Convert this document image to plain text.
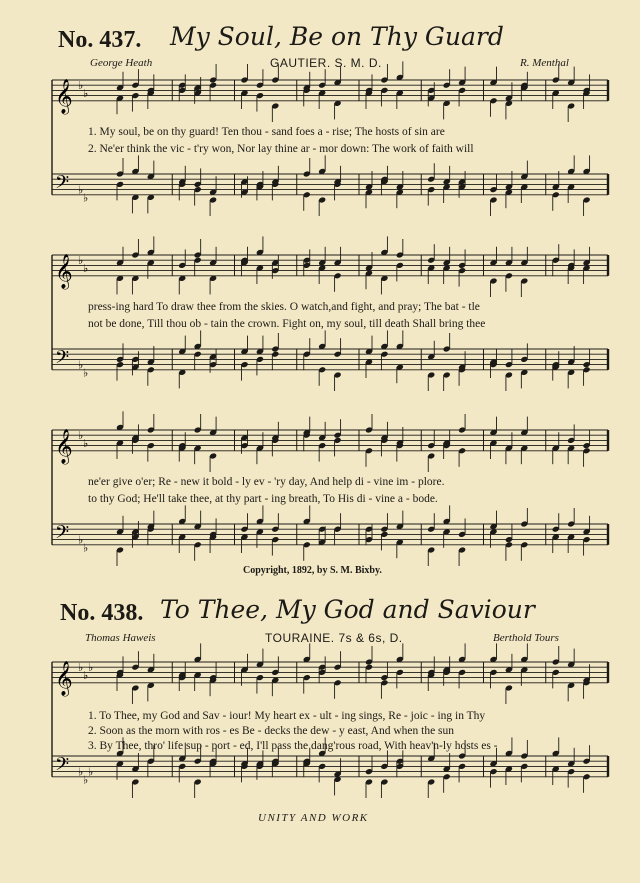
No. 437. My Soul, Be on Thy Guard
George Heath	GAUTIER. S. M. D.	R. Menthal
𝄞
𝄢
♭
♭
♭
♭
1. My soul, be on thy guard! Ten thou - sand foes a - rise; The hosts of sin are
2. Ne'er think the vic - t'ry won, Nor lay thine ar - mor down: The work of faith will
𝄞
𝄢
♭
♭
♭
♭
press-ing hard To draw thee from the skies. O watch,and fight, and pray; The bat - tle
not be done, Till thou ob - tain the crown. Fight on, my soul, till death Shall bring thee
𝄞
𝄢
♭
♭
♭
♭
ne'er give o'er; Re - new it bold - ly ev - 'ry day, And help di - vine im - plore.
to thy God; He'll take thee, at thy part - ing breath, To His di - vine a - bode.
Copyright, 1892, by S. M. Bixby.
No. 438. To Thee, My God and Saviour
Thomas Haweis	TOURAINE. 7s & 6s, D.	Berthold Tours
𝄞
𝄢
♭
♭
♭
♭
♭
♭
1. To Thee, my God and Sav - iour! My heart ex - ult - ing sings, Re - joic - ing in Thy
2. Soon as the morn with ros - es Be - decks the dew - y east, And when the sun
3. By Thee, thro' life sup - port - ed, I'll pass the dang'rous road, With heav'n-ly hosts es -
UNITY AND WORK
